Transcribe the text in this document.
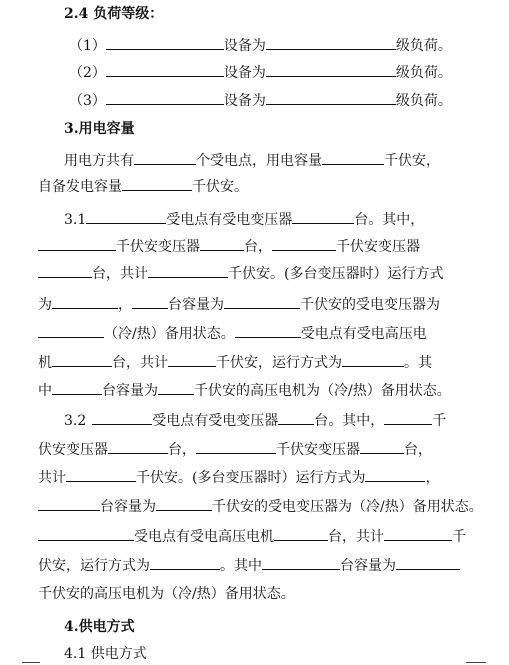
2.4 负荷等级：
（1）	设备为	级负荷。
（2）	设备为	级负荷。
（3）	设备为	级负荷。
3.用电容量
用电方共有	个受电点，用电容量	千伏安，
自备发电容量	千伏安。
3.1	受电点有受电变压器	台。其中，
千伏安变压器	台，	千伏安变压器
台，共计	千伏安。(多台变压器时）运行方式
为	，	台容量为	千伏安的受电变压器为
（冷/热）备用状态。	受电点有受电高压电
机	台，共计	千伏安，运行方式为	。其
中	台容量为	千伏安的高压电机为（冷/热）备用状态。
3.2	受电点有受电变压器	台。其中，	千
伏安变压器	台，	千伏安变压器	台，
共计	千伏安。(多台变压器时）运行方式为	，
台容量为	千伏安的受电变压器为（冷/热）备用状态。
受电点有受电高压电机	台，共计	千
伏安，运行方式为	。其中	台容量为
千伏安的高压电机为（冷/热）备用状态。
4.供电方式
4.1 供电方式
